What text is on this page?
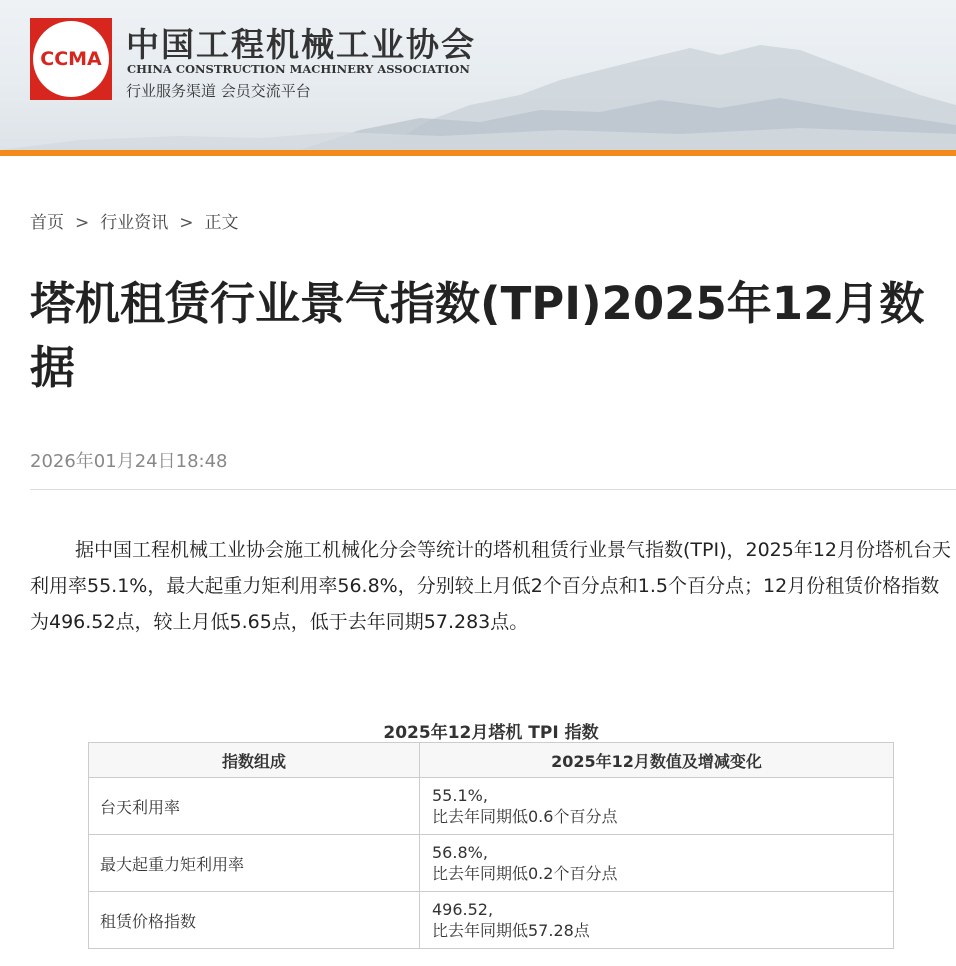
CCMA 中国工程机械工业协会
CHINA CONSTRUCTION MACHINERY ASSOCIATION
行业服务渠道 会员交流平台
首页 > 行业资讯 > 正文
塔机租赁行业景气指数(TPI)2025年12月数据
2026年01月24日18:48

据中国工程机械工业协会施工机械化分会等统计的塔机租赁行业景气指数(TPI)，2025年12月份塔机台天利用率55.1%，最大起重力矩利用率56.8%，分别较上月低2个百分点和1.5个百分点；12月份租赁价格指数为496.52点，较上月低5.65点，低于去年同期57.283点。

2025年12月塔机 TPI 指数
指数组成	2025年12月数值及增减变化
台天利用率	55.1%,
比去年同期低0.6个百分点

最大起重力矩利用率	56.8%,
比去年同期低0.2个百分点

租赁价格指数	496.52,
比去年同期低57.28点
